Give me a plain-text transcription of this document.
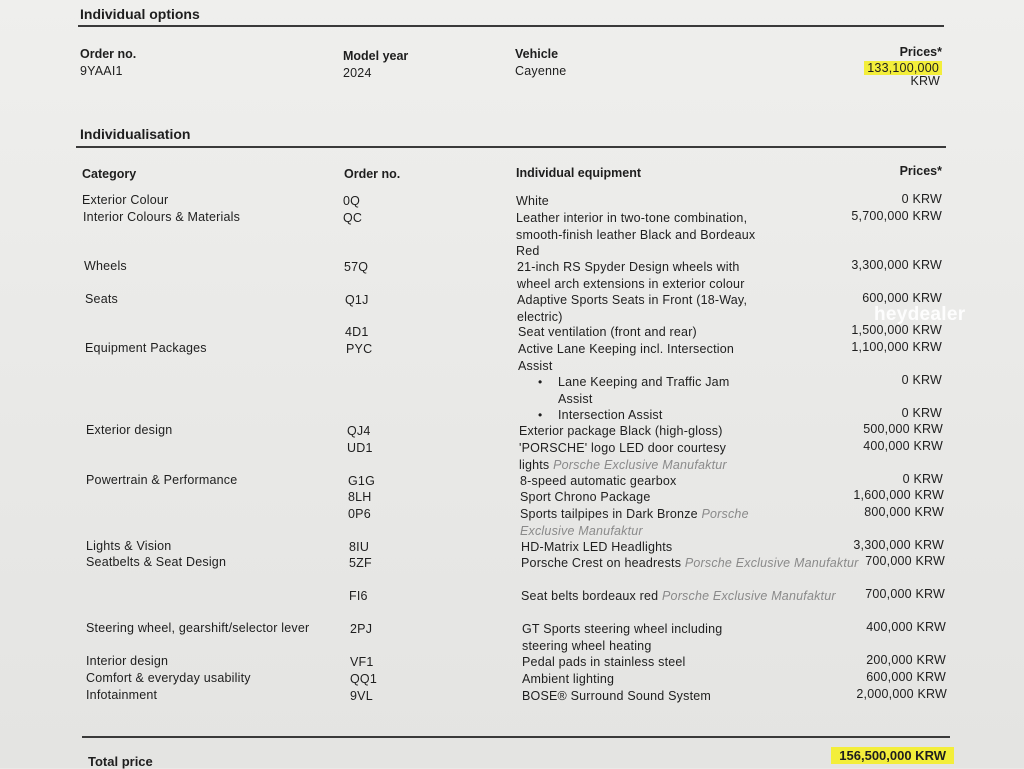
Individual options
Order no.	Model year	Vehicle	Prices*
9YAAI1	2024	Cayenne	133,100,000
KRW
Individualisation
Category	Order no.	Individual equipment	Prices*
Exterior Colour	0Q	White	0 KRW
Interior Colours & Materials	QC	Leather interior in two-tone combination,
smooth-finish leather Black and Bordeaux
Red
5,700,000 KRW
Wheels	57Q	21-inch RS Spyder Design wheels with
wheel arch extensions in exterior colour
3,300,000 KRW
Seats	Q1J	Adaptive Sports Seats in Front (18-Way,
electric)
600,000 KRW
4D1	Seat ventilation (front and rear)	1,500,000 KRW
Equipment Packages	PYC	Active Lane Keeping incl. Intersection
Assist
1,100,000 KRW
• Lane Keeping and Traffic Jam
Assist
0 KRW
• Intersection Assist	0 KRW
Exterior design	QJ4	Exterior package Black (high-gloss)	500,000 KRW
UD1	'PORSCHE' logo LED door courtesy
lights Porsche Exclusive Manufaktur
400,000 KRW
Powertrain & Performance	G1G	8-speed automatic gearbox	0 KRW
8LH	Sport Chrono Package	1,600,000 KRW
0P6	Sports tailpipes in Dark Bronze Porsche
Exclusive Manufaktur
800,000 KRW
Lights & Vision	8IU	HD-Matrix LED Headlights	3,300,000 KRW
Seatbelts & Seat Design	5ZF	Porsche Crest on headrests Porsche Exclusive Manufaktur 700,000 KRW
FI6	Seat belts bordeaux red Porsche Exclusive Manufaktur 700,000 KRW
Steering wheel, gearshift/selector lever	2PJ	GT Sports steering wheel including
steering wheel heating
400,000 KRW
Interior design	VF1	Pedal pads in stainless steel	200,000 KRW
Comfort & everyday usability	QQ1	Ambient lighting	600,000 KRW
Infotainment	9VL	BOSE® Surround Sound System	2,000,000 KRW
Total price	156,500,000 KRW
heydealer
